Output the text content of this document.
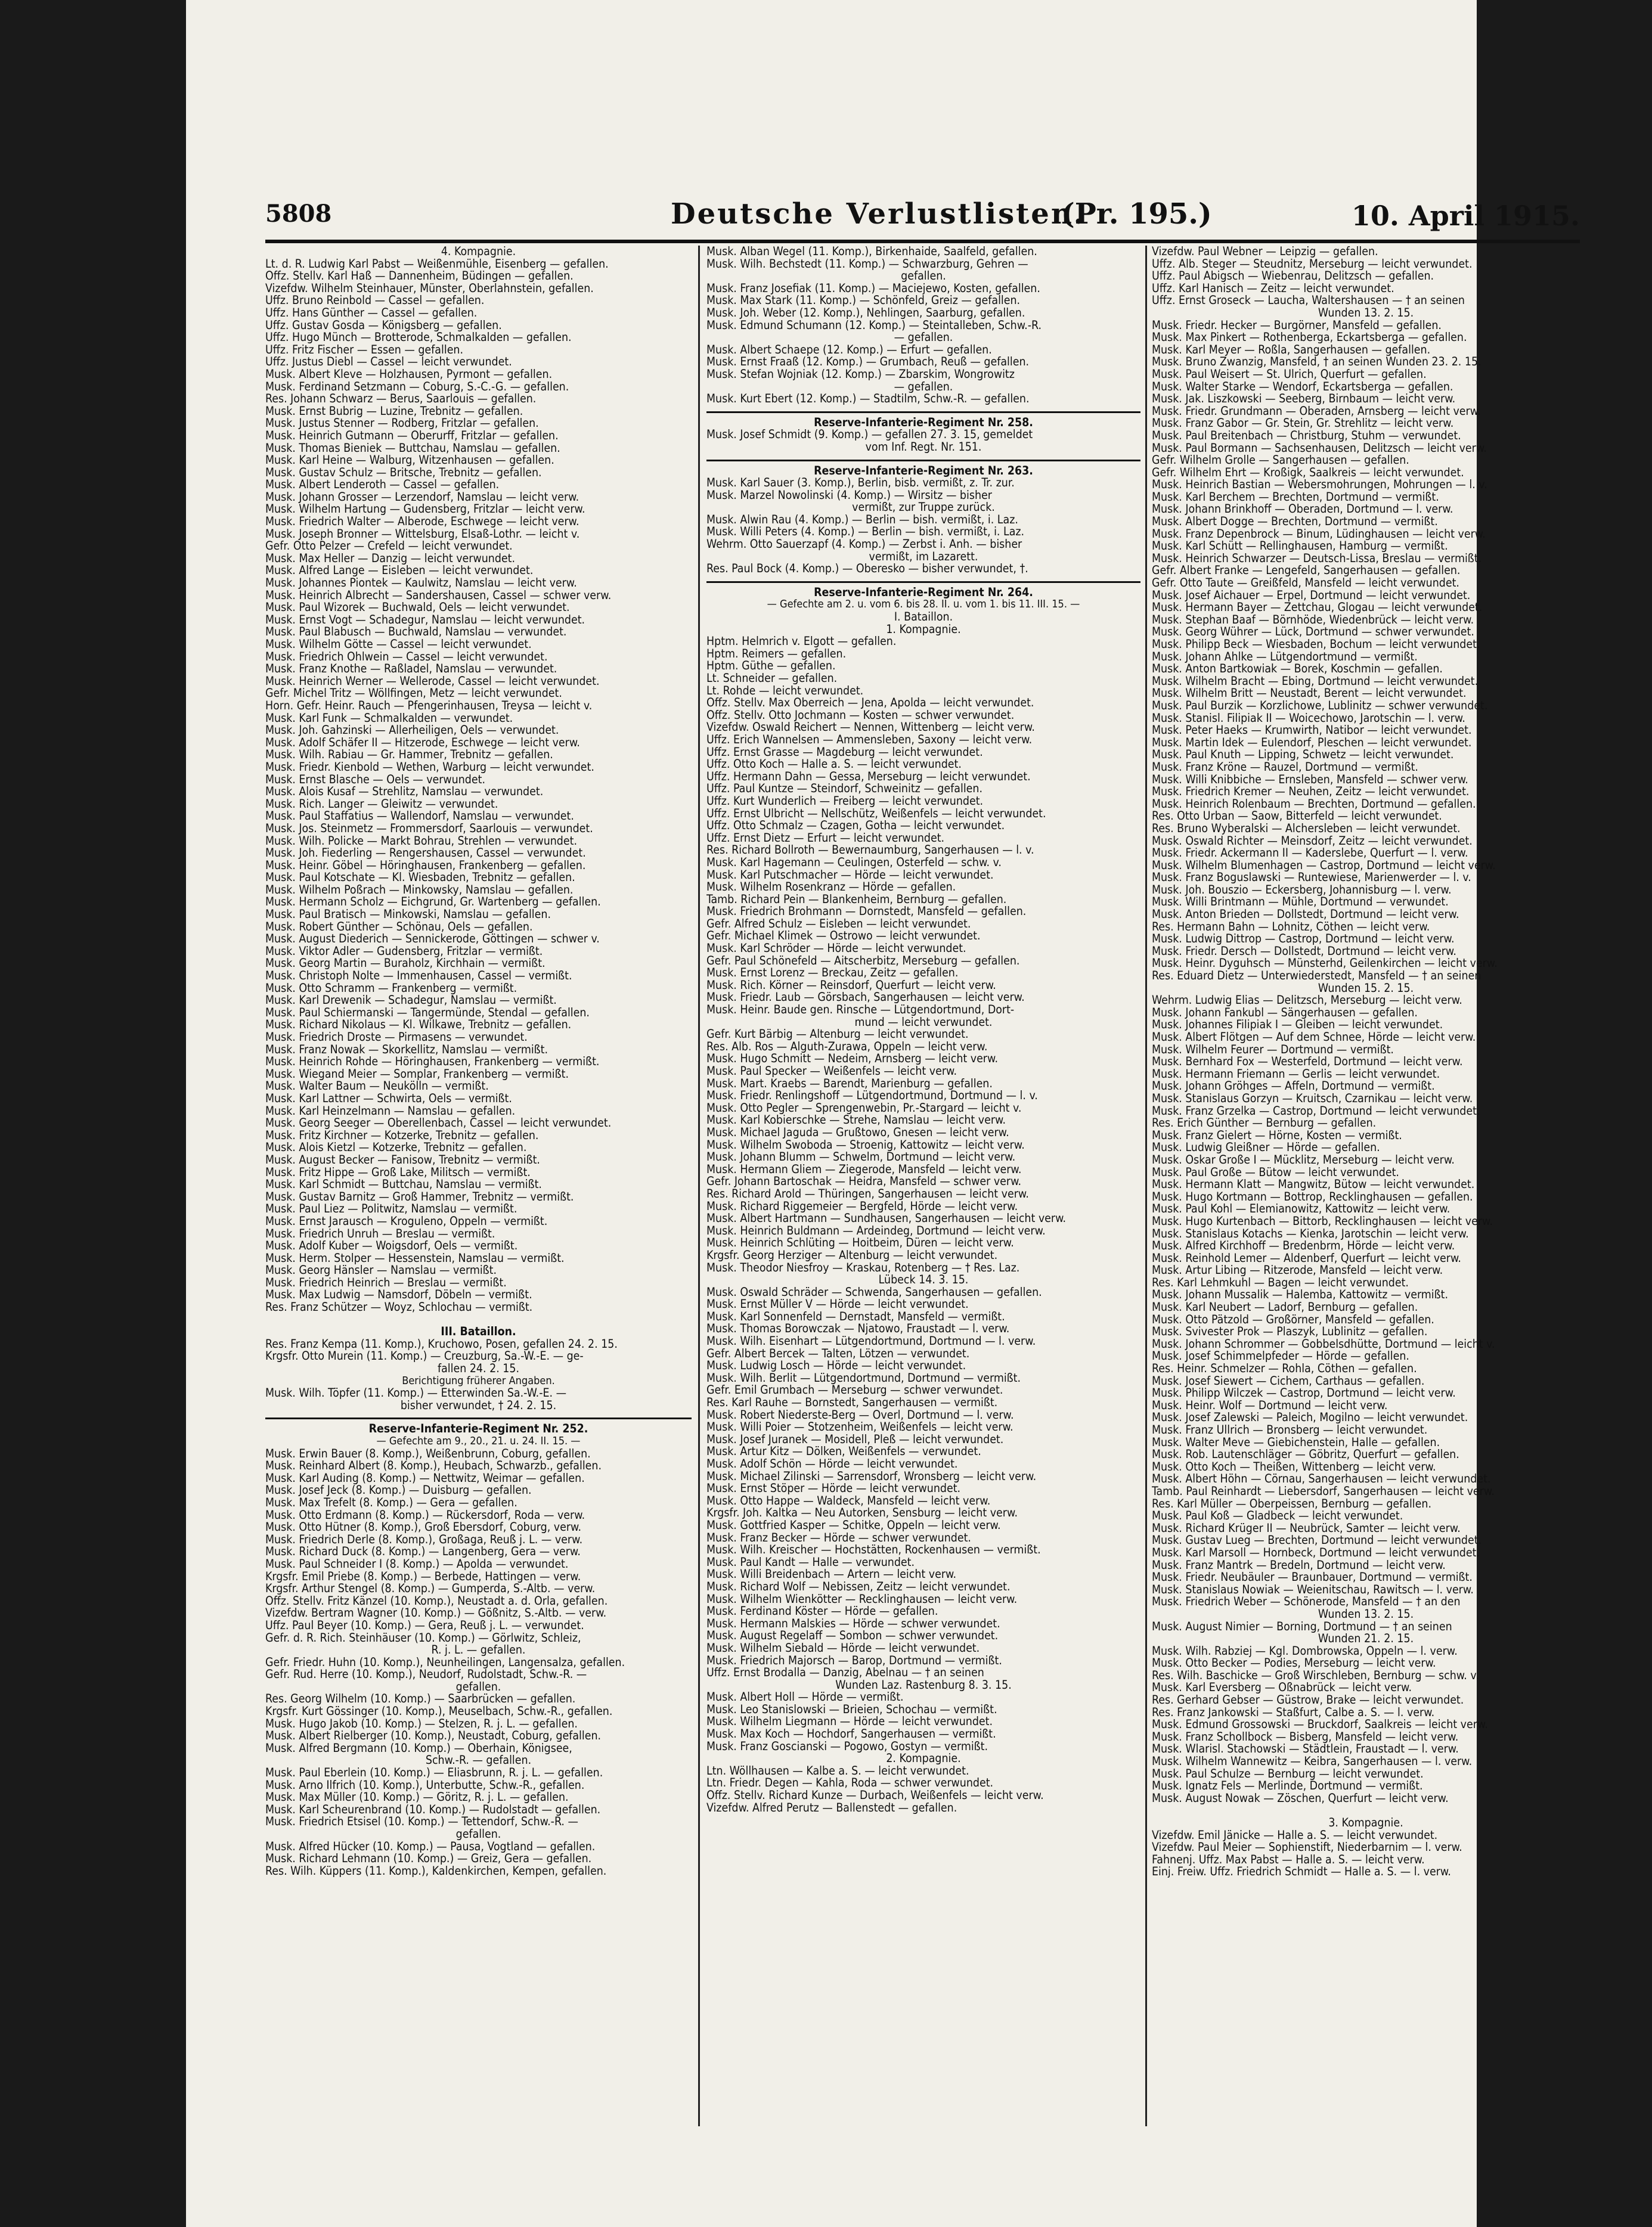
5808	Deutsche Verlustlisten.
(Pr. 195.)	10. April 1915.
4. Kompagnie.
Lt. d. R. Ludwig Karl Pabst — Weißenmühle, Eisenberg — gefallen.
Offz. Stellv. Karl Haß — Dannenheim, Büdingen — gefallen.
Vizefdw. Wilhelm Steinhauer, Münster, Oberlahnstein, gefallen.
Uffz. Bruno Reinbold — Cassel — gefallen.
Uffz. Hans Günther — Cassel — gefallen.
Uffz. Gustav Gosda — Königsberg — gefallen.
Uffz. Hugo Münch — Brotterode, Schmalkalden — gefallen.
Uffz. Fritz Fischer — Essen — gefallen.
Uffz. Justus Diebl — Cassel — leicht verwundet.
Musk. Albert Kleve — Holzhausen, Pyrmont — gefallen.
Musk. Ferdinand Setzmann — Coburg, S.-C.-G. — gefallen.
Res. Johann Schwarz — Berus, Saarlouis — gefallen.
Musk. Ernst Bubrig — Luzine, Trebnitz — gefallen.
Musk. Justus Stenner — Rodberg, Fritzlar — gefallen.
Musk. Heinrich Gutmann — Oberurff, Fritzlar — gefallen.
Musk. Thomas Bieniek — Buttchau, Namslau — gefallen.
Musk. Karl Heine — Walburg, Witzenhausen — gefallen.
Musk. Gustav Schulz — Britsche, Trebnitz — gefallen.
Musk. Albert Lenderoth — Cassel — gefallen.
Musk. Johann Grosser — Lerzendorf, Namslau — leicht verw.
Musk. Wilhelm Hartung — Gudensberg, Fritzlar — leicht verw.
Musk. Friedrich Walter — Alberode, Eschwege — leicht verw.
Musk. Joseph Bronner — Wittelsburg, Elsaß-Lothr. — leicht v.
Gefr. Otto Pelzer — Crefeld — leicht verwundet.
Musk. Max Heller — Danzig — leicht verwundet.
Musk. Alfred Lange — Eisleben — leicht verwundet.
Musk. Johannes Piontek — Kaulwitz, Namslau — leicht verw.
Musk. Heinrich Albrecht — Sandershausen, Cassel — schwer verw.
Musk. Paul Wizorek — Buchwald, Oels — leicht verwundet.
Musk. Ernst Vogt — Schadegur, Namslau — leicht verwundet.
Musk. Paul Blabusch — Buchwald, Namslau — verwundet.
Musk. Wilhelm Götte — Cassel — leicht verwundet.
Musk. Friedrich Ohlwein — Cassel — leicht verwundet.
Musk. Franz Knothe — Raßladel, Namslau — verwundet.
Musk. Heinrich Werner — Wellerode, Cassel — leicht verwundet.
Gefr. Michel Tritz — Wöllfingen, Metz — leicht verwundet.
Horn. Gefr. Heinr. Rauch — Pfengerinhausen, Treysa — leicht v.
Musk. Karl Funk — Schmalkalden — verwundet.
Musk. Joh. Gahzinski — Allerheiligen, Oels — verwundet.
Musk. Adolf Schäfer II — Hitzerode, Eschwege — leicht verw.
Musk. Wilh. Rabiau — Gr. Hammer, Trebnitz — gefallen.
Musk. Friedr. Kienbold — Wethen, Warburg — leicht verwundet.
Musk. Ernst Blasche — Oels — verwundet.
Musk. Alois Kusaf — Strehlitz, Namslau — verwundet.
Musk. Rich. Langer — Gleiwitz — verwundet.
Musk. Paul Staffatius — Wallendorf, Namslau — verwundet.
Musk. Jos. Steinmetz — Frommersdorf, Saarlouis — verwundet.
Musk. Wilh. Policke — Markt Bohrau, Strehlen — verwundet.
Musk. Joh. Fiederling — Rengershausen, Cassel — verwundet.
Musk. Heinr. Göbel — Höringhausen, Frankenberg — gefallen.
Musk. Paul Kotschate — Kl. Wiesbaden, Trebnitz — gefallen.
Musk. Wilhelm Poßrach — Minkowsky, Namslau — gefallen.
Musk. Hermann Scholz — Eichgrund, Gr. Wartenberg — gefallen.
Musk. Paul Bratisch — Minkowski, Namslau — gefallen.
Musk. Robert Günther — Schönau, Oels — gefallen.
Musk. August Diederich — Sennickerode, Göttingen — schwer v.
Musk. Viktor Adler — Gudensberg, Fritzlar — vermißt.
Musk. Georg Martin — Buraholz, Kirchhain — vermißt.
Musk. Christoph Nolte — Immenhausen, Cassel — vermißt.
Musk. Otto Schramm — Frankenberg — vermißt.
Musk. Karl Drewenik — Schadegur, Namslau — vermißt.
Musk. Paul Schiermanski — Tangermünde, Stendal — gefallen.
Musk. Richard Nikolaus — Kl. Wilkawe, Trebnitz — gefallen.
Musk. Friedrich Droste — Pirmasens — verwundet.
Musk. Franz Nowak — Skorkellitz, Namslau — vermißt.
Musk. Heinrich Rohde — Höringhausen, Frankenberg — vermißt.
Musk. Wiegand Meier — Somplar, Frankenberg — vermißt.
Musk. Walter Baum — Neukölln — vermißt.
Musk. Karl Lattner — Schwirta, Oels — vermißt.
Musk. Karl Heinzelmann — Namslau — gefallen.
Musk. Georg Seeger — Oberellenbach, Cassel — leicht verwundet.
Musk. Fritz Kirchner — Kotzerke, Trebnitz — gefallen.
Musk. Alois Kietzl — Kotzerke, Trebnitz — gefallen.
Musk. August Becker — Fanisow, Trebnitz — vermißt.
Musk. Fritz Hippe — Groß Lake, Militsch — vermißt.
Musk. Karl Schmidt — Buttchau, Namslau — vermißt.
Musk. Gustav Barnitz — Groß Hammer, Trebnitz — vermißt.
Musk. Paul Liez — Politwitz, Namslau — vermißt.
Musk. Ernst Jarausch — Kroguleno, Oppeln — vermißt.
Musk. Friedrich Unruh — Breslau — vermißt.
Musk. Adolf Kuber — Woigsdorf, Oels — vermißt.
Musk. Herm. Stolper — Hessenstein, Namslau — vermißt.
Musk. Georg Hänsler — Namslau — vermißt.
Musk. Friedrich Heinrich — Breslau — vermißt.
Musk. Max Ludwig — Namsdorf, Döbeln — vermißt.
Res. Franz Schützer — Woyz, Schlochau — vermißt.
III. Bataillon.
Res. Franz Kempa (11. Komp.), Kruchowo, Posen, gefallen 24. 2. 15.
Krgsfr. Otto Murein (11. Komp.) — Creuzburg, Sa.-W.-E. — ge-
fallen 24. 2. 15.
Berichtigung früherer Angaben.
Musk. Wilh. Töpfer (11. Komp.) — Etterwinden Sa.-W.-E. —
bisher verwundet, † 24. 2. 15.
Reserve-Infanterie-Regiment Nr. 252.
— Gefechte am 9., 20., 21. u. 24. II. 15. —
Musk. Erwin Bauer (8. Komp.), Weißenbrunn, Coburg, gefallen.
Musk. Reinhard Albert (8. Komp.), Heubach, Schwarzb., gefallen.
Musk. Karl Auding (8. Komp.) — Nettwitz, Weimar — gefallen.
Musk. Josef Jeck (8. Komp.) — Duisburg — gefallen.
Musk. Max Trefelt (8. Komp.) — Gera — gefallen.
Musk. Otto Erdmann (8. Komp.) — Rückersdorf, Roda — verw.
Musk. Otto Hütner (8. Komp.), Groß Ebersdorf, Coburg, verw.
Musk. Friedrich Derle (8. Komp.), Großaga, Reuß j. L. — verw.
Musk. Richard Duck (8. Komp.) — Langenberg, Gera — verw.
Musk. Paul Schneider I (8. Komp.) — Apolda — verwundet.
Krgsfr. Emil Priebe (8. Komp.) — Berbede, Hattingen — verw.
Krgsfr. Arthur Stengel (8. Komp.) — Gumperda, S.-Altb. — verw.
Offz. Stellv. Fritz Känzel (10. Komp.), Neustadt a. d. Orla, gefallen.
Vizefdw. Bertram Wagner (10. Komp.) — Gößnitz, S.-Altb. — verw.
Uffz. Paul Beyer (10. Komp.) — Gera, Reuß j. L. — verwundet.
Gefr. d. R. Rich. Steinhäuser (10. Komp.) — Görlwitz, Schleiz,
R. j. L. — gefallen.
Gefr. Friedr. Huhn (10. Komp.), Neunheilingen, Langensalza, gefallen.
Gefr. Rud. Herre (10. Komp.), Neudorf, Rudolstadt, Schw.-R. —
gefallen.
Res. Georg Wilhelm (10. Komp.) — Saarbrücken — gefallen.
Krgsfr. Kurt Gössinger (10. Komp.), Meuselbach, Schw.-R., gefallen.
Musk. Hugo Jakob (10. Komp.) — Stelzen, R. j. L. — gefallen.
Musk. Albert Rielberger (10. Komp.), Neustadt, Coburg, gefallen.
Musk. Alfred Bergmann (10. Komp.) — Oberhain, Königsee,
Schw.-R. — gefallen.
Musk. Paul Eberlein (10. Komp.) — Eliasbrunn, R. j. L. — gefallen.
Musk. Arno Ilfrich (10. Komp.), Unterbutte, Schw.-R., gefallen.
Musk. Max Müller (10. Komp.) — Göritz, R. j. L. — gefallen.
Musk. Karl Scheurenbrand (10. Komp.) — Rudolstadt — gefallen.
Musk. Friedrich Etsisel (10. Komp.) — Tettendorf, Schw.-R. —
gefallen.
Musk. Alfred Hücker (10. Komp.) — Pausa, Vogtland — gefallen.
Musk. Richard Lehmann (10. Komp.) — Greiz, Gera — gefallen.
Res. Wilh. Küppers (11. Komp.), Kaldenkirchen, Kempen, gefallen.
Musk. Alban Wegel (11. Komp.), Birkenhaide, Saalfeld, gefallen.
Musk. Wilh. Bechstedt (11. Komp.) — Schwarzburg, Gehren —
gefallen.
Musk. Franz Josefiak (11. Komp.) — Maciejewo, Kosten, gefallen.
Musk. Max Stark (11. Komp.) — Schönfeld, Greiz — gefallen.
Musk. Joh. Weber (12. Komp.), Nehlingen, Saarburg, gefallen.
Musk. Edmund Schumann (12. Komp.) — Steintalleben, Schw.-R.
— gefallen.
Musk. Albert Schaepe (12. Komp.) — Erfurt — gefallen.
Musk. Ernst Fraaß (12. Komp.) — Grumbach, Reuß — gefallen.
Musk. Stefan Wojniak (12. Komp.) — Zbarskim, Wongrowitz
— gefallen.
Musk. Kurt Ebert (12. Komp.) — Stadtilm, Schw.-R. — gefallen.
Reserve-Infanterie-Regiment Nr. 258.
Musk. Josef Schmidt (9. Komp.) — gefallen 27. 3. 15, gemeldet
vom Inf. Regt. Nr. 151.
Reserve-Infanterie-Regiment Nr. 263.
Musk. Karl Sauer (3. Komp.), Berlin, bisb. vermißt, z. Tr. zur.
Musk. Marzel Nowolinski (4. Komp.) — Wirsitz — bisher
vermißt, zur Truppe zurück.
Musk. Alwin Rau (4. Komp.) — Berlin — bish. vermißt, i. Laz.
Musk. Willi Peters (4. Komp.) — Berlin — bish. vermißt, i. Laz.
Wehrm. Otto Sauerzapf (4. Komp.) — Zerbst i. Anh. — bisher
vermißt, im Lazarett.
Res. Paul Bock (4. Komp.) — Oberesko — bisher verwundet, †.
Reserve-Infanterie-Regiment Nr. 264.
— Gefechte am 2. u. vom 6. bis 28. II. u. vom 1. bis 11. III. 15. —
I. Bataillon.
1. Kompagnie.
Hptm. Helmrich v. Elgott — gefallen.
Hptm. Reimers — gefallen.
Hptm. Güthe — gefallen.
Lt. Schneider — gefallen.
Lt. Rohde — leicht verwundet.
Offz. Stellv. Max Oberreich — Jena, Apolda — leicht verwundet.
Offz. Stellv. Otto Jochmann — Kosten — schwer verwundet.
Vizefdw. Oswald Reichert — Nennen, Wittenberg — leicht verw.
Uffz. Erich Wannelsen — Ammensleben, Saxony — leicht verw.
Uffz. Ernst Grasse — Magdeburg — leicht verwundet.
Uffz. Otto Koch — Halle a. S. — leicht verwundet.
Uffz. Hermann Dahn — Gessa, Merseburg — leicht verwundet.
Uffz. Paul Kuntze — Steindorf, Schweinitz — gefallen.
Uffz. Kurt Wunderlich — Freiberg — leicht verwundet.
Uffz. Ernst Ulbricht — Nellschütz, Weißenfels — leicht verwundet.
Uffz. Otto Schmalz — Czagen, Gotha — leicht verwundet.
Uffz. Ernst Dietz — Erfurt — leicht verwundet.
Res. Richard Bollroth — Bewernaumburg, Sangerhausen — l. v.
Musk. Karl Hagemann — Ceulingen, Osterfeld — schw. v.
Musk. Karl Putschmacher — Hörde — leicht verwundet.
Musk. Wilhelm Rosenkranz — Hörde — gefallen.
Tamb. Richard Pein — Blankenheim, Bernburg — gefallen.
Musk. Friedrich Brohmann — Dornstedt, Mansfeld — gefallen.
Gefr. Alfred Schulz — Eisleben — leicht verwundet.
Gefr. Michael Klimek — Ostrowo — leicht verwundet.
Musk. Karl Schröder — Hörde — leicht verwundet.
Gefr. Paul Schönefeld — Aitscherbitz, Merseburg — gefallen.
Musk. Ernst Lorenz — Breckau, Zeitz — gefallen.
Musk. Rich. Körner — Reinsdorf, Querfurt — leicht verw.
Musk. Friedr. Laub — Görsbach, Sangerhausen — leicht verw.
Musk. Heinr. Baude gen. Rinsche — Lütgendortmund, Dort-
mund — leicht verwundet.
Gefr. Kurt Bärbig — Altenburg — leicht verwundet.
Res. Alb. Ros — Alguth-Zurawa, Oppeln — leicht verw.
Musk. Hugo Schmitt — Nedeim, Arnsberg — leicht verw.
Musk. Paul Specker — Weißenfels — leicht verw.
Musk. Mart. Kraebs — Barendt, Marienburg — gefallen.
Musk. Friedr. Renlingshoff — Lütgendortmund, Dortmund — l. v.
Musk. Otto Pegler — Sprengenwebin, Pr.-Stargard — leicht v.
Musk. Karl Kobierschke — Strehe, Namslau — leicht verw.
Musk. Michael Jaguda — Grußtowo, Gnesen — leicht verw.
Musk. Wilhelm Swoboda — Stroenig, Kattowitz — leicht verw.
Musk. Johann Blumm — Schwelm, Dortmund — leicht verw.
Musk. Hermann Gliem — Ziegerode, Mansfeld — leicht verw.
Gefr. Johann Bartoschak — Heidra, Mansfeld — schwer verw.
Res. Richard Arold — Thüringen, Sangerhausen — leicht verw.
Musk. Richard Riggemeier — Bergfeld, Hörde — leicht verw.
Musk. Albert Hartmann — Sundhausen, Sangerhausen — leicht verw.
Musk. Heinrich Buldmann — Ardeindeg, Dortmund — leicht verw.
Musk. Heinrich Schlüting — Hoitbeim, Düren — leicht verw.
Krgsfr. Georg Herziger — Altenburg — leicht verwundet.
Musk. Theodor Niesfroy — Kraskau, Rotenberg — † Res. Laz.
Lübeck 14. 3. 15.
Musk. Oswald Schräder — Schwenda, Sangerhausen — gefallen.
Musk. Ernst Müller V — Hörde — leicht verwundet.
Musk. Karl Sonnenfeld — Dernstadt, Mansfeld — vermißt.
Musk. Thomas Borowczak — Njatowo, Fraustadt — l. verw.
Musk. Wilh. Eisenhart — Lütgendortmund, Dortmund — l. verw.
Gefr. Albert Bercek — Talten, Lötzen — verwundet.
Musk. Ludwig Losch — Hörde — leicht verwundet.
Musk. Wilh. Berlit — Lütgendortmund, Dortmund — vermißt.
Gefr. Emil Grumbach — Merseburg — schwer verwundet.
Res. Karl Rauhe — Bornstedt, Sangerhausen — vermißt.
Musk. Robert Niederste-Berg — Overl, Dortmund — l. verw.
Musk. Willi Poier — Stotzenheim, Weißenfels — leicht verw.
Musk. Josef Juranek — Mosidell, Pleß — leicht verwundet.
Musk. Artur Kitz — Dölken, Weißenfels — verwundet.
Musk. Adolf Schön — Hörde — leicht verwundet.
Musk. Michael Zilinski — Sarrensdorf, Wronsberg — leicht verw.
Musk. Ernst Stöper — Hörde — leicht verwundet.
Musk. Otto Happe — Waldeck, Mansfeld — leicht verw.
Krgsfr. Joh. Kaltka — Neu Autorken, Sensburg — leicht verw.
Musk. Gottfried Kasper — Schitke, Oppeln — leicht verw.
Musk. Franz Becker — Hörde — schwer verwundet.
Musk. Wilh. Kreischer — Hochstätten, Rockenhausen — vermißt.
Musk. Paul Kandt — Halle — verwundet.
Musk. Willi Breidenbach — Artern — leicht verw.
Musk. Richard Wolf — Nebissen, Zeitz — leicht verwundet.
Musk. Wilhelm Wienkötter — Recklinghausen — leicht verw.
Musk. Ferdinand Köster — Hörde — gefallen.
Musk. Hermann Malskies — Hörde — schwer verwundet.
Musk. August Regelaff — Sombon — schwer verwundet.
Musk. Wilhelm Siebald — Hörde — leicht verwundet.
Musk. Friedrich Majorsch — Barop, Dortmund — vermißt.
Uffz. Ernst Brodalla — Danzig, Abelnau — † an seinen
Wunden Laz. Rastenburg 8. 3. 15.
Musk. Albert Holl — Hörde — vermißt.
Musk. Leo Stanislowski — Brieien, Schochau — vermißt.
Musk. Wilhelm Liegmann — Hörde — leicht verwundet.
Musk. Max Koch — Hochdorf, Sangerhausen — vermißt.
Musk. Franz Goscianski — Pogowo, Gostyn — vermißt.
2. Kompagnie.
Ltn. Wöllhausen — Kalbe a. S. — leicht verwundet.
Ltn. Friedr. Degen — Kahla, Roda — schwer verwundet.
Offz. Stellv. Richard Kunze — Durbach, Weißenfels — leicht verw.
Vizefdw. Alfred Perutz — Ballenstedt — gefallen.
Vizefdw. Paul Webner — Leipzig — gefallen.
Uffz. Alb. Steger — Steudnitz, Merseburg — leicht verwundet.
Uffz. Paul Abigsch — Wiebenrau, Delitzsch — gefallen.
Uffz. Karl Hanisch — Zeitz — leicht verwundet.
Uffz. Ernst Groseck — Laucha, Waltershausen — † an seinen
Wunden 13. 2. 15.
Musk. Friedr. Hecker — Burgörner, Mansfeld — gefallen.
Musk. Max Pinkert — Rothenberga, Eckartsberga — gefallen.
Musk. Karl Meyer — Roßla, Sangerhausen — gefallen.
Musk. Bruno Zwanzig, Mansfeld, † an seinen Wunden 23. 2. 15.
Musk. Paul Weisert — St. Ulrich, Querfurt — gefallen.
Musk. Walter Starke — Wendorf, Eckartsberga — gefallen.
Musk. Jak. Liszkowski — Seeberg, Birnbaum — leicht verw.
Musk. Friedr. Grundmann — Oberaden, Arnsberg — leicht verw.
Musk. Franz Gabor — Gr. Stein, Gr. Strehlitz — leicht verw.
Musk. Paul Breitenbach — Christburg, Stuhm — verwundet.
Musk. Paul Bormann — Sachsenhausen, Delitzsch — leicht verw.
Gefr. Wilhelm Grolle — Sangerhausen — gefallen.
Gefr. Wilhelm Ehrt — Kroßigk, Saalkreis — leicht verwundet.
Musk. Heinrich Bastian — Webersmohrungen, Mohrungen — l. v.
Musk. Karl Berchem — Brechten, Dortmund — vermißt.
Musk. Johann Brinkhoff — Oberaden, Dortmund — l. verw.
Musk. Albert Dogge — Brechten, Dortmund — vermißt.
Musk. Franz Depenbrock — Binum, Lüdinghausen — leicht verw.
Musk. Karl Schütt — Rellinghausen, Hamburg — vermißt.
Musk. Heinrich Schwarzer — Deutsch-Lissa, Breslau — vermißt.
Gefr. Albert Franke — Lengefeld, Sangerhausen — gefallen.
Gefr. Otto Taute — Greißfeld, Mansfeld — leicht verwundet.
Musk. Josef Aichauer — Erpel, Dortmund — leicht verwundet.
Musk. Hermann Bayer — Zettchau, Glogau — leicht verwundet.
Musk. Stephan Baaf — Börnhöde, Wiedenbrück — leicht verw.
Musk. Georg Wührer — Lück, Dortmund — schwer verwundet.
Musk. Philipp Beck — Wiesbaden, Bochum — leicht verwundet.
Musk. Johann Ahlke — Lütgendortmund — vermißt.
Musk. Anton Bartkowiak — Borek, Koschmin — gefallen.
Musk. Wilhelm Bracht — Ebing, Dortmund — leicht verwundet.
Musk. Wilhelm Britt — Neustadt, Berent — leicht verwundet.
Musk. Paul Burzik — Korzlichowe, Lublinitz — schwer verwundet.
Musk. Stanisl. Filipiak II — Woicechowo, Jarotschin — l. verw.
Musk. Peter Haeks — Krumwirth, Natibor — leicht verwundet.
Musk. Martin Idek — Eulendorf, Pleschen — leicht verwundet.
Musk. Paul Knuth — Lipping, Schwetz — leicht verwundet.
Musk. Franz Kröne — Rauzel, Dortmund — vermißt.
Musk. Willi Knibbiche — Ernsleben, Mansfeld — schwer verw.
Musk. Friedrich Kremer — Neuhen, Zeitz — leicht verwundet.
Musk. Heinrich Rolenbaum — Brechten, Dortmund — gefallen.
Res. Otto Urban — Saow, Bitterfeld — leicht verwundet.
Res. Bruno Wyberalski — Alchersleben — leicht verwundet.
Musk. Oswald Richter — Meinsdorf, Zeitz — leicht verwundet.
Musk. Friedr. Ackermann II — Kaderslebe, Querfurt — l. verw.
Musk. Wilhelm Blumenhagen — Castrop, Dortmund — leicht verw.
Musk. Franz Boguslawski — Runtewiese, Marienwerder — l. v.
Musk. Joh. Bouszio — Eckersberg, Johannisburg — l. verw.
Musk. Willi Brintmann — Mühle, Dortmund — verwundet.
Musk. Anton Brieden — Dollstedt, Dortmund — leicht verw.
Res. Hermann Bahn — Lohnitz, Cöthen — leicht verw.
Musk. Ludwig Dittrop — Castrop, Dortmund — leicht verw.
Musk. Friedr. Dersch — Dollstedt, Dortmund — leicht verw.
Musk. Heinr. Dyguhsch — Münsterhd, Geilenkirchen — leicht verw.
Res. Eduard Dietz — Unterwiederstedt, Mansfeld — † an seinen
Wunden 15. 2. 15.
Wehrm. Ludwig Elias — Delitzsch, Merseburg — leicht verw.
Musk. Johann Fankubl — Sängerhausen — gefallen.
Musk. Johannes Filipiak I — Gleiben — leicht verwundet.
Musk. Albert Flötgen — Auf dem Schnee, Hörde — leicht verw.
Musk. Wilhelm Feurer — Dortmund — vermißt.
Musk. Bernhard Fox — Westerfeld, Dortmund — leicht verw.
Musk. Hermann Friemann — Gerlis — leicht verwundet.
Musk. Johann Gröhges — Affeln, Dortmund — vermißt.
Musk. Stanislaus Gorzyn — Kruitsch, Czarnikau — leicht verw.
Musk. Franz Grzelka — Castrop, Dortmund — leicht verwundet.
Res. Erich Günther — Bernburg — gefallen.
Musk. Franz Gielert — Hörne, Kosten — vermißt.
Musk. Ludwig Gleißner — Hörde — gefallen.
Musk. Oskar Große I — Mücklitz, Merseburg — leicht verw.
Musk. Paul Große — Bütow — leicht verwundet.
Musk. Hermann Klatt — Mangwitz, Bütow — leicht verwundet.
Musk. Hugo Kortmann — Bottrop, Recklinghausen — gefallen.
Musk. Paul Kohl — Elemianowitz, Kattowitz — leicht verw.
Musk. Hugo Kurtenbach — Bittorb, Recklinghausen — leicht verw.
Musk. Stanislaus Kotachs — Kienka, Jarotschin — leicht verw.
Musk. Alfred Kirchhoff — Bredenbrm, Hörde — leicht verw.
Musk. Reinhold Lemer — Aldenberf, Querfurt — leicht verw.
Musk. Artur Libing — Ritzerode, Mansfeld — leicht verw.
Res. Karl Lehmkuhl — Bagen — leicht verwundet.
Musk. Johann Mussalik — Halemba, Kattowitz — vermißt.
Musk. Karl Neubert — Ladorf, Bernburg — gefallen.
Musk. Otto Pätzold — Großörner, Mansfeld — gefallen.
Musk. Svivester Prok — Plaszyk, Lublinitz — gefallen.
Musk. Johann Schrommer — Gobbelsdhütte, Dortmund — leicht v.
Musk. Josef Schimmelpfeder — Hörde — gefallen.
Res. Heinr. Schmelzer — Rohla, Cöthen — gefallen.
Musk. Josef Siewert — Cichem, Carthaus — gefallen.
Musk. Philipp Wilczek — Castrop, Dortmund — leicht verw.
Musk. Heinr. Wolf — Dortmund — leicht verw.
Musk. Josef Zalewski — Paleich, Mogilno — leicht verwundet.
Musk. Franz Ullrich — Bronsberg — leicht verwundet.
Musk. Walter Meve — Giebichenstein, Halle — gefallen.
Musk. Rob. Lautenschläger — Göbritz, Querfurt — gefallen.
Musk. Otto Koch — Theißen, Wittenberg — leicht verw.
Musk. Albert Höhn — Cörnau, Sangerhausen — leicht verwundet.
Tamb. Paul Reinhardt — Liebersdorf, Sangerhausen — leicht verw.
Res. Karl Müller — Oberpeissen, Bernburg — gefallen.
Musk. Paul Koß — Gladbeck — leicht verwundet.
Musk. Richard Krüger II — Neubrück, Samter — leicht verw.
Musk. Gustav Lueg — Brechten, Dortmund — leicht verwundet.
Musk. Karl Marsoll — Hornbeck, Dortmund — leicht verwundet.
Musk. Franz Mantrk — Bredeln, Dortmund — leicht verw.
Musk. Friedr. Neubäuler — Braunbauer, Dortmund — vermißt.
Musk. Stanislaus Nowiak — Weienitschau, Rawitsch — l. verw.
Musk. Friedrich Weber — Schönerode, Mansfeld — † an den
Wunden 13. 2. 15.
Musk. August Nimier — Borning, Dortmund — † an seinen
Wunden 21. 2. 15.
Musk. Wilh. Rabziej — Kgl. Dombrowska, Oppeln — l. verw.
Musk. Otto Becker — Podies, Merseburg — leicht verw.
Res. Wilh. Baschicke — Groß Wirschleben, Bernburg — schw. v.
Musk. Karl Eversberg — Oßnabrück — leicht verw.
Res. Gerhard Gebser — Güstrow, Brake — leicht verwundet.
Res. Franz Jankowski — Staßfurt, Calbe a. S. — l. verw.
Musk. Edmund Grossowski — Bruckdorf, Saalkreis — leicht verw.
Musk. Franz Schollbock — Bisberg, Mansfeld — leicht verw.
Musk. Wlarisl. Stachowski — Städtlein, Fraustadt — l. verw.
Musk. Wilhelm Wannewitz — Keibra, Sangerhausen — l. verw.
Musk. Paul Schulze — Bernburg — leicht verwundet.
Musk. Ignatz Fels — Merlinde, Dortmund — vermißt.
Musk. August Nowak — Zöschen, Querfurt — leicht verw.
3. Kompagnie.
Vizefdw. Emil Jänicke — Halle a. S. — leicht verwundet.
Vizefdw. Paul Meier — Sophienstift, Niederbarnim — l. verw.
Fahnenj. Uffz. Max Pabst — Halle a. S. — leicht verw.
Einj. Freiw. Uffz. Friedrich Schmidt — Halle a. S. — l. verw.
